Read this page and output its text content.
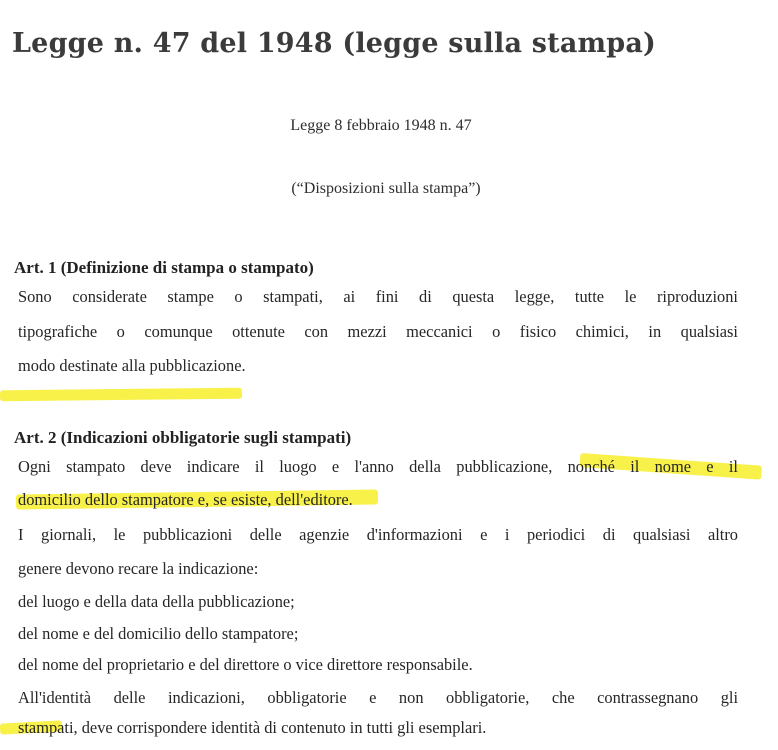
Legge n. 47 del 1948 (legge sulla stampa)
Legge 8 febbraio 1948 n. 47
(“Disposizioni sulla stampa”)
Art. 1 (Definizione di stampa o stampato)
Sono considerate stampe o stampati, ai fini di questa legge, tutte le riproduzioni
tipografiche o comunque ottenute con mezzi meccanici o fisico chimici, in qualsiasi
modo destinate alla pubblicazione.
Art. 2 (Indicazioni obbligatorie sugli stampati)
Ogni stampato deve indicare il luogo e l'anno della pubblicazione, nonché il nome e il
domicilio dello stampatore e, se esiste, dell'editore.
I giornali, le pubblicazioni delle agenzie d'informazioni e i periodici di qualsiasi altro
genere devono recare la indicazione:
del luogo e della data della pubblicazione;
del nome e del domicilio dello stampatore;
del nome del proprietario e del direttore o vice direttore responsabile.
All'identità delle indicazioni, obbligatorie e non obbligatorie, che contrassegnano gli
stampati, deve corrispondere identità di contenuto in tutti gli esemplari.
